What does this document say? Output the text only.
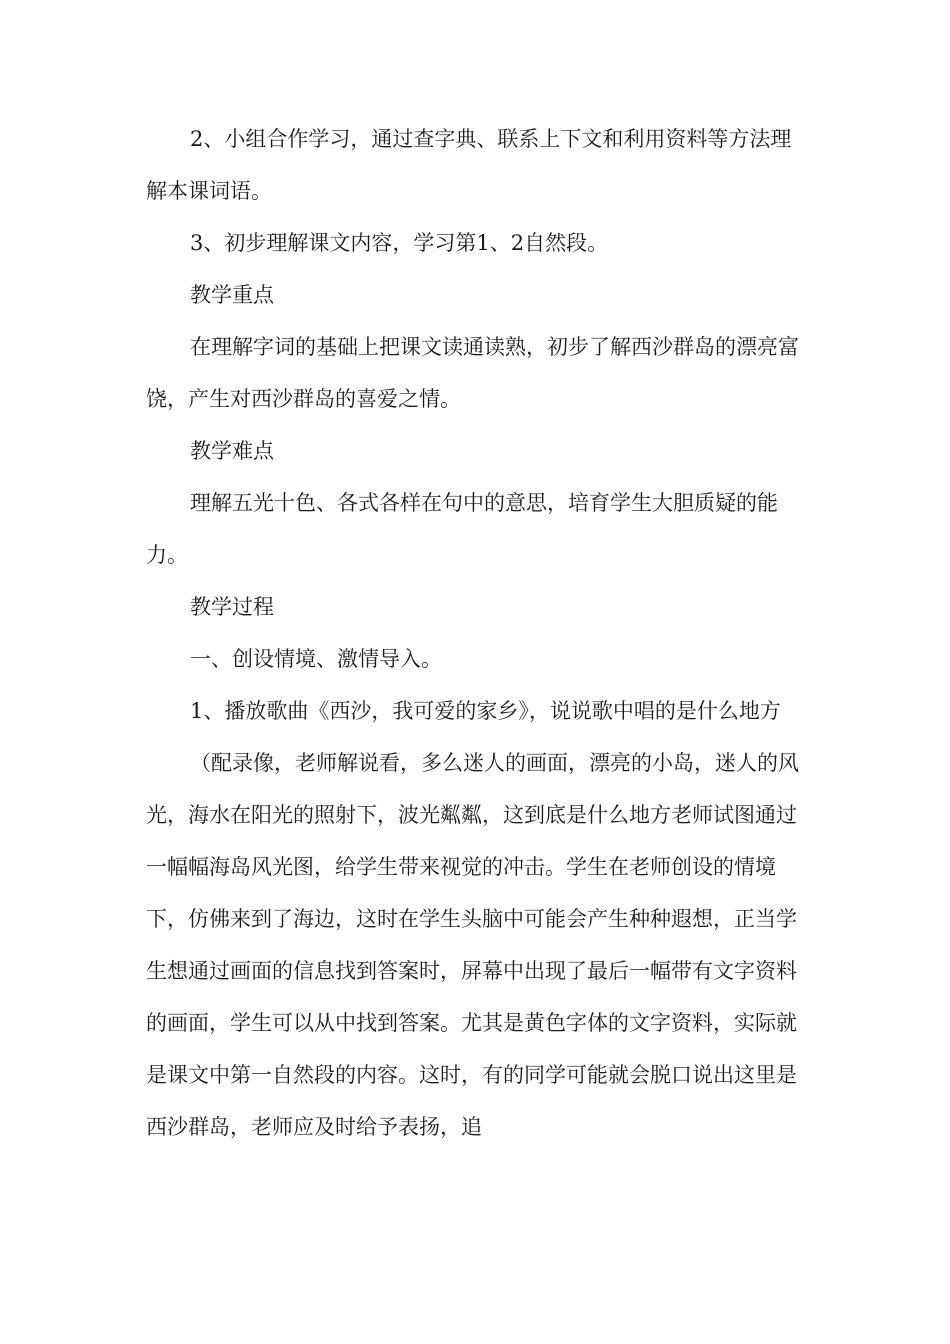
2、小组合作学习，通过查字典、联系上下文和利用资料等方法理解本课词语。

3、初步理解课文内容，学习第1、2自然段。

教学重点

在理解字词的基础上把课文读通读熟，初步了解西沙群岛的漂亮富饶，产生对西沙群岛的喜爱之情。

教学难点

理解五光十色、各式各样在句中的意思，培育学生大胆质疑的能力。

教学过程

一、创设情境、激情导入。

1、播放歌曲《西沙，我可爱的家乡》，说说歌中唱的是什么地方

（配录像，老师解说看，多么迷人的画面，漂亮的小岛，迷人的风光，海水在阳光的照射下，波光粼粼，这到底是什么地方老师试图通过一幅幅海岛风光图，给学生带来视觉的冲击。学生在老师创设的情境下，仿佛来到了海边，这时在学生头脑中可能会产生种种遐想，正当学生想通过画面的信息找到答案时，屏幕中出现了最后一幅带有文字资料的画面，学生可以从中找到答案。尤其是黄色字体的文字资料，实际就是课文中第一自然段的内容。这时，有的同学可能就会脱口说出这里是西沙群岛，老师应及时给予表扬，追
